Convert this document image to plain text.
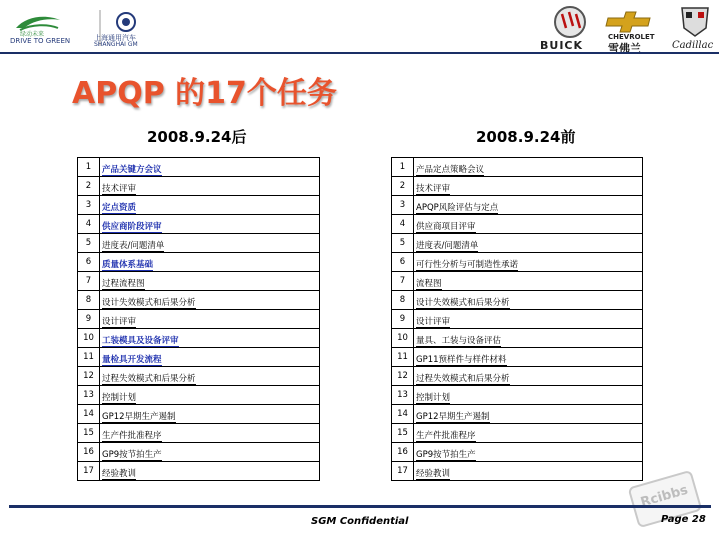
绿动未来
DRIVE TO GREEN	上海通用汽车
SHANGHAI GM	BUICK
CHEVROLET
雪佛兰	Cadillac
APQP 的17个任务
2008.9.24后	2008.9.24前
1	产品关键方会议
2	技术评审
3	定点资质
4	供应商阶段评审
5	进度表/问题清单
6	质量体系基础
7	过程流程图
8	设计失效模式和后果分析
9	设计评审
10	工装模具及设备评审
11	量检具开发流程
12	过程失效模式和后果分析
13	控制计划
14	GP12早期生产遏制
15	生产件批准程序
16	GP9按节拍生产
17	经验教训
1	产品定点策略会议
2	技术评审
3	APQP风险评估与定点
4	供应商项目评审
5	进度表/问题清单
6	可行性分析与可制造性承诺
7	流程图
8	设计失效模式和后果分析
9	设计评审
10	量具、工装与设备评估
11	GP11预样件与样件材料
12	过程失效模式和后果分析
13	控制计划
14	GP12早期生产遏制
15	生产件批准程序
16	GP9按节拍生产
17	经验教训
Rcibbs
SGM Confidential	Page 28
